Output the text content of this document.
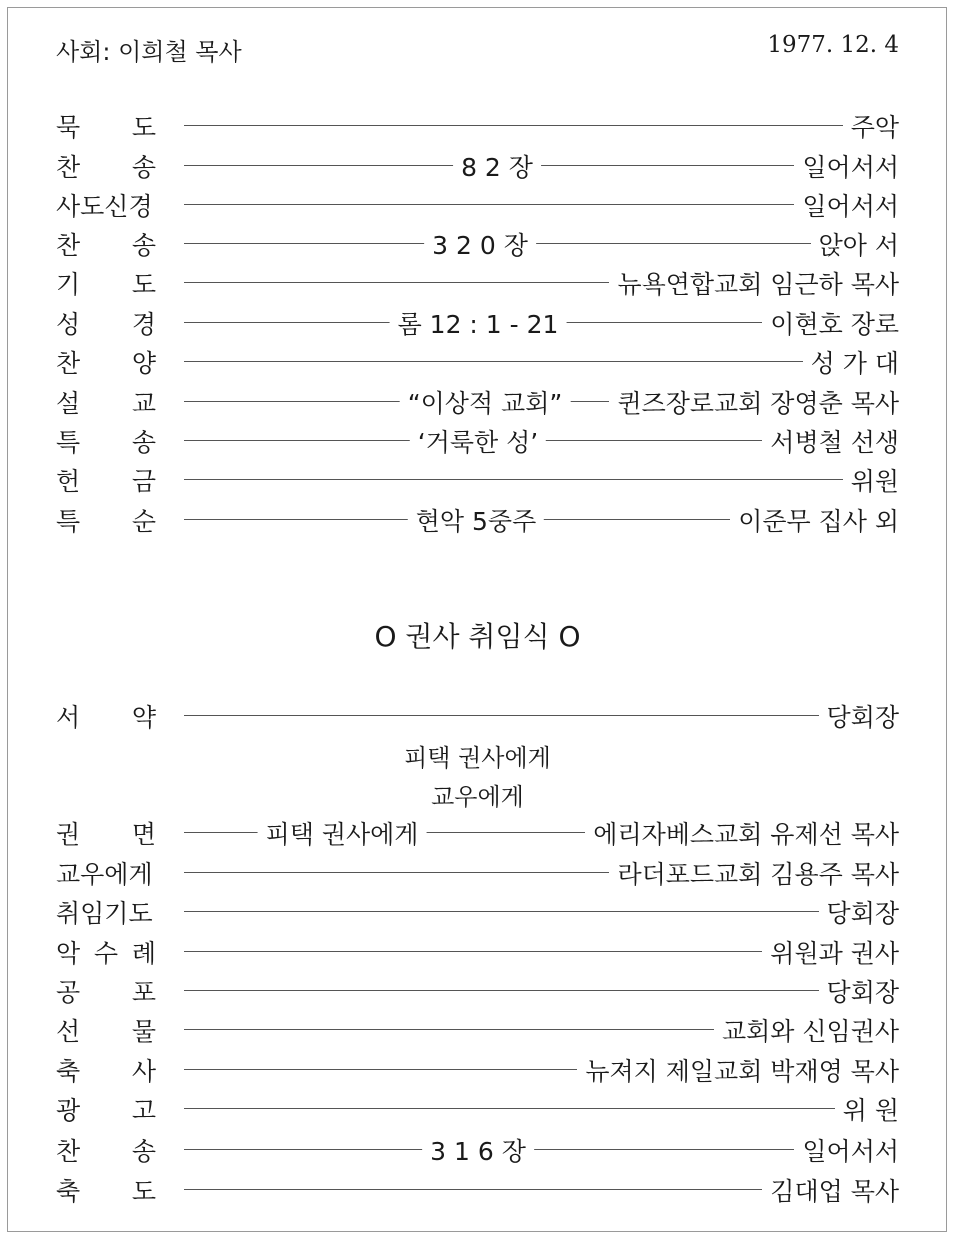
사회: 이희철 목사	1977. 12. 4
묵 도	주악
찬 송	8 2 장	일어서서
사도신경	일어서서
찬 송	3 2 0 장	앉아 서
기 도	뉴욕연합교회 임근하 목사
성 경	롬 12 : 1 - 21	이현호 장로
찬 양	성 가 대
설 교	“이상적 교회”	퀸즈장로교회 장영춘 목사
특 송	‘거룩한 성’	서병철 선생
헌 금	위원
특 순	현악 5중주	이준무 집사 외
O 권사 취임식 O
피택 권사에게
교우에게
서 약	당회장
권 면	피택 권사에게	에리자베스교회 유제선 목사
교우에게	라더포드교회 김용주 목사
취임기도	당회장
악 수 례	위원과 권사
공 포	당회장
선 물	교회와 신임권사
축 사	뉴져지 제일교회 박재영 목사
광 고	위 원
찬 송	3 1 6 장	일어서서
축 도	김대업 목사
